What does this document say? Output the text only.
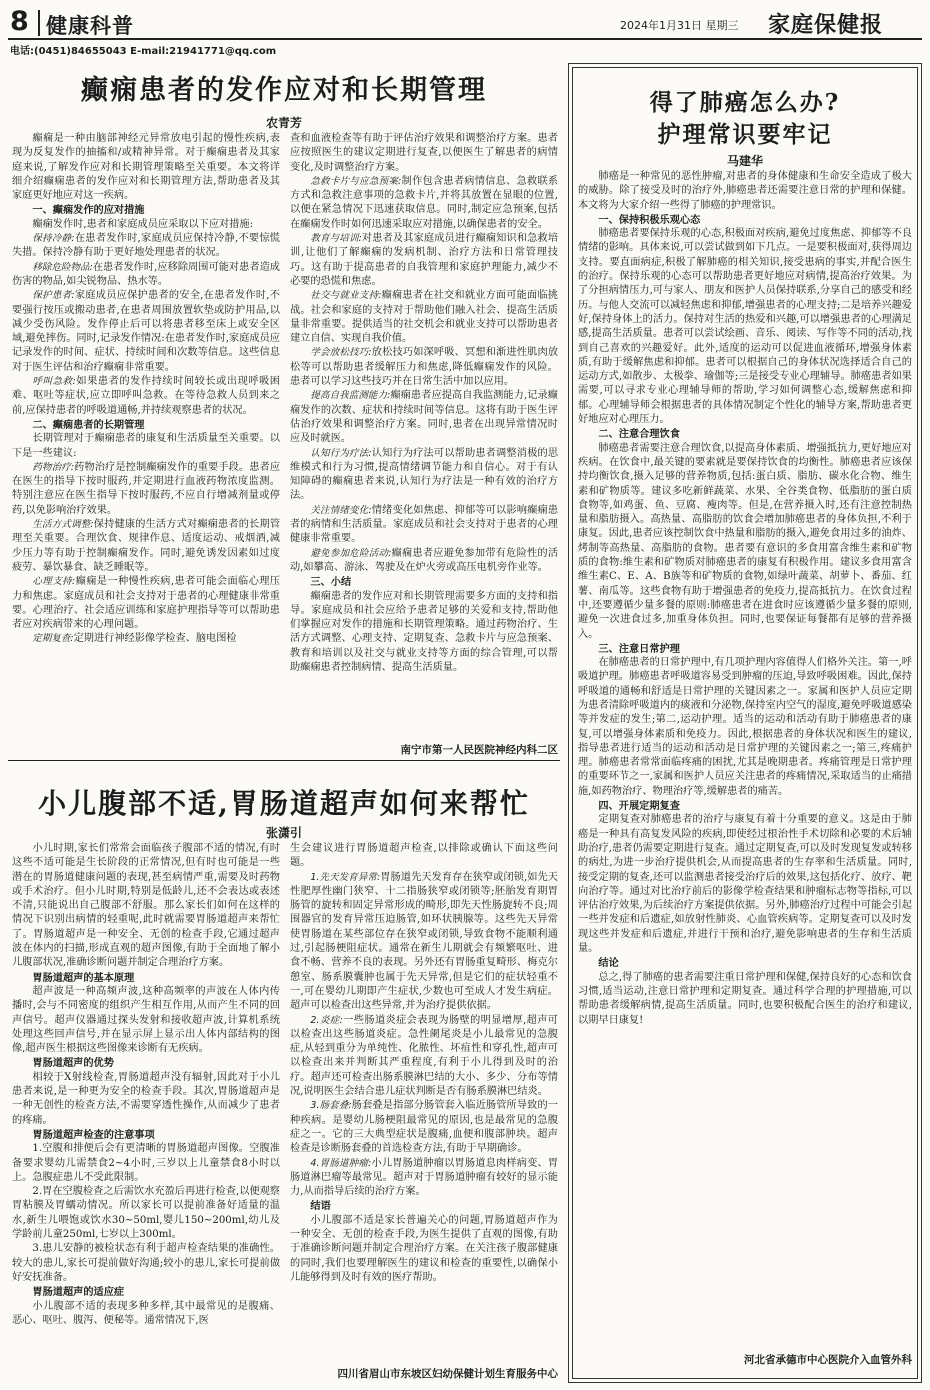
8 健康科普	2024年1月31日 星期三 家庭保健报
电话:(0451)84655043 E-mail:21941771@qq.com
癫痫患者的发作应对和长期管理
农青芳

癫痫是一种由脑部神经元异常放电引起的慢性疾病,表现为反复发作的抽搐和/或精神异常。对于癫痫患者及其家庭来说,了解发作应对和长期管理策略至关重要。本文将详细介绍癫痫患者的发作应对和长期管理方法,帮助患者及其家庭更好地应对这一疾病。

一、癫痫发作的应对措施

癫痫发作时,患者和家庭成员应采取以下应对措施:

保持冷静:在患者发作时,家庭成员应保持冷静,不要惊慌失措。保持冷静有助于更好地处理患者的状况。

移除危险物品:在患者发作时,应移除周围可能对患者造成伤害的物品,如尖锐物品、热水等。

保护患者:家庭成员应保护患者的安全,在患者发作时,不要强行按压或搬动患者,在患者周围放置软垫或防护用品,以减少受伤风险。发作停止后可以将患者移至床上或安全区域,避免摔伤。同时,记录发作情况:在患者发作时,家庭成员应记录发作的时间、症状、持续时间和次数等信息。这些信息对于医生评估和治疗癫痫非常重要。

呼叫急救:如果患者的发作持续时间较长或出现呼吸困难、呕吐等症状,应立即呼叫急救。在等待急救人员到来之前,应保持患者的呼吸道通畅,并持续观察患者的状况。

二、癫痫患者的长期管理

长期管理对于癫痫患者的康复和生活质量至关重要。以下是一些建议:

药物治疗:药物治疗是控制癫痫发作的重要手段。患者应在医生的指导下按时服药,并定期进行血液药物浓度监测。特别注意应在医生指导下按时服药,不应自行增减剂量或停药,以免影响治疗效果。

生活方式调整:保持健康的生活方式对癫痫患者的长期管理至关重要。合理饮食、规律作息、适度运动、戒烟酒,减少压力等有助于控制癫痫发作。同时,避免诱发因素如过度疲劳、暴饮暴食、缺乏睡眠等。

心理支持:癫痫是一种慢性疾病,患者可能会面临心理压力和焦虑。家庭成员和社会支持对于患者的心理健康非常重要。心理治疗、社会适应训练和家庭护理指导等可以帮助患者应对疾病带来的心理问题。

定期复查:定期进行神经影像学检查、脑电图检

查和血液检查等有助于评估治疗效果和调整治疗方案。患者应按照医生的建议定期进行复查,以便医生了解患者的病情变化,及时调整治疗方案。

急救卡片与应急预案:制作包含患者病情信息、急救联系方式和急救注意事项的急救卡片,并将其放置在显眼的位置,以便在紧急情况下迅速获取信息。同时,制定应急预案,包括在癫痫发作时如何迅速采取应对措施,以确保患者的安全。

教育与培训:对患者及其家庭成员进行癫痫知识和急救培训,让他们了解癫痫的发病机制、治疗方法和日常管理技巧。这有助于提高患者的自我管理和家庭护理能力,减少不必要的恐慌和焦虑。

社交与就业支持:癫痫患者在社交和就业方面可能面临挑战。社会和家庭的支持对于帮助他们融入社会、提高生活质量非常重要。提供适当的社交机会和就业支持可以帮助患者建立自信、实现自我价值。

学会放松技巧:放松技巧如深呼吸、冥想和渐进性肌肉放松等可以帮助患者缓解压力和焦虑,降低癫痫发作的风险。患者可以学习这些技巧并在日常生活中加以应用。

提高自我监测能力:癫痫患者应提高自我监测能力,记录癫痫发作的次数、症状和持续时间等信息。这将有助于医生评估治疗效果和调整治疗方案。同时,患者在出现异常情况时应及时就医。

认知行为疗法:认知行为疗法可以帮助患者调整消极的思维模式和行为习惯,提高情绪调节能力和自信心。对于有认知障碍的癫痫患者来说,认知行为疗法是一种有效的治疗方法。

关注情绪变化:情绪变化如焦虑、抑郁等可以影响癫痫患者的病情和生活质量。家庭成员和社会支持对于患者的心理健康非常重要。

避免参加危险活动:癫痫患者应避免参加带有危险性的活动,如攀高、游泳、驾驶及在炉火旁或高压电机旁作业等。

三、小结

癫痫患者的发作应对和长期管理需要多方面的支持和指导。家庭成员和社会应给予患者足够的关爱和支持,帮助他们掌握应对发作的措施和长期管理策略。通过药物治疗、生活方式调整、心理支持、定期复查、急救卡片与应急预案、教育和培训以及社交与就业支持等方面的综合管理,可以帮助癫痫患者控制病情、提高生活质量。

南宁市第一人民医院神经内科二区
小儿腹部不适,胃肠道超声如何来帮忙
张潇引

小儿时期,家长们常常会面临孩子腹部不适的情况,有时这些不适可能是生长阶段的正常情况,但有时也可能是一些潜在的胃肠道健康问题的表现,甚至病情严重,需要及时药物或手术治疗。但小儿时期,特别是低龄儿,还不会表达或表述不清,只能说出自己腹部不舒服。那么家长们如何在这样的情况下识别出病情的轻重呢,此时就需要胃肠道超声来帮忙了。胃肠道超声是一种安全、无创的检查手段,它通过超声波在体内的扫描,形成直观的超声图像,有助于全面地了解小儿腹部状况,准确诊断问题并制定合理治疗方案。

胃肠道超声的基本原理

超声波是一种高频声波,这种高频率的声波在人体内传播时,会与不同密度的组织产生相互作用,从而产生不同的回声信号。超声仪器通过探头发射和接收超声波,计算机系统处理这些回声信号,并在显示屏上显示出人体内部结构的图像,超声医生根据这些图像来诊断有无疾病。

胃肠道超声的优势

相较于X射线检查,胃肠道超声没有辐射,因此对于小儿患者来说,是一种更为安全的检查手段。其次,胃肠道超声是一种无创性的检查方法,不需要穿透性操作,从而减少了患者的疼痛。

胃肠道超声检查的注意事项

1.空腹和排便后会有更清晰的胃肠道超声图像。空腹准备要求婴幼儿需禁食2~4小时,三岁以上儿童禁食8小时以上。急腹症患儿不受此限制。

2.胃在空腹检查之后需饮水充盈后再进行检查,以便观察胃粘膜及胃蠕动情况。所以家长可以提前准备好适量的温水,新生儿喂饱或饮水30~50ml,婴儿150~200ml,幼儿及学龄前儿童250ml,七岁以上300ml。

3.患儿安静的被检状态有利于超声检查结果的准确性。较大的患儿,家长可提前做好沟通;较小的患儿,家长可提前做好安抚准备。

胃肠道超声的适应症

小儿腹部不适的表现多种多样,其中最常见的是腹痛、恶心、呕吐、腹泻、便秘等。通常情况下,医

生会建议进行胃肠道超声检查,以排除或确认下面这些问题。

1.先天发育异常:胃肠道先天发育存在狭窄或闭锁,如先天性肥厚性幽门狭窄、十二指肠狭窄或闭锁等;胚胎发育期胃肠管的旋转和固定异常形成的畸形,即先天性肠旋转不良;周围器官的发育异常压迫肠管,如环状胰腺等。这些先天异常使胃肠道在某些部位存在狭窄或闭锁,导致食物不能顺利通过,引起肠梗阻症状。通常在新生儿期就会有频繁呕吐、进食不畅、营养不良的表现。另外还有胃肠重复畸形、梅克尔憩室、肠系膜囊肿也属于先天异常,但是它们的症状轻重不一,可在婴幼儿期即产生症状,少数也可至成人才发生病症。超声可以检查出这些异常,并为治疗提供依据。

2.炎症:一些肠道炎症会表现为肠壁的明显增厚,超声可以检查出这些肠道炎症。急性阑尾炎是小儿最常见的急腹症,从轻到重分为单纯性、化脓性、坏疽性和穿孔性,超声可以检查出来并判断其严重程度,有利于小儿得到及时的治疗。超声还可检查出肠系膜淋巴结的大小、多少、分布等情况,说明医生会结合患儿症状判断是否有肠系膜淋巴结炎。

3.肠套叠:肠套叠是指部分肠管套入临近肠管所导致的一种疾病。是婴幼儿肠梗阻最常见的原因,也是最常见的急腹症之一。它的三大典型症状是腹痛,血便和腹部肿块。超声检查是诊断肠套叠的首选检查方法,有助于早期确诊。

4.胃肠道肿瘤:小儿胃肠道肿瘤以胃肠道息肉样病变、胃肠道淋巴瘤等最常见。超声对于胃肠道肿瘤有较好的显示能力,从而指导后续的治疗方案。

结语

小儿腹部不适是家长普遍关心的问题,胃肠道超声作为一种安全、无创的检查手段,为医生提供了直观的图像,有助于准确诊断问题并制定合理治疗方案。在关注孩子腹部健康的同时,我们也要理解医生的建议和检查的重要性,以确保小儿能够得到及时有效的医疗帮助。

四川省眉山市东坡区妇幼保健计划生育服务中心
得了肺癌怎么办?
护理常识要牢记
马建华

肺癌是一种常见的恶性肿瘤,对患者的身体健康和生命安全造成了极大的威胁。除了接受及时的治疗外,肺癌患者还需要注意日常的护理和保健。本文将为大家介绍一些得了肺癌的护理常识。

一、保持积极乐观心态

肺癌患者要保持乐观的心态,积极面对疾病,避免过度焦虑、抑郁等不良情绪的影响。具体来说,可以尝试做到如下几点。一是要积极面对,获得周边支持。要直面病症,积极了解肺癌的相关知识,接受患病的事实,并配合医生的治疗。保持乐观的心态可以帮助患者更好地应对病情,提高治疗效果。为了分担病情压力,可与家人、朋友和医护人员保持联系,分享自己的感受和经历。与他人交流可以减轻焦虑和抑郁,增强患者的心理支持;二是培养兴趣爱好,保持身体上的活力。保持对生活的热爱和兴趣,可以增强患者的心理满足感,提高生活质量。患者可以尝试绘画、音乐、阅读、写作等不同的活动,找到自己喜欢的兴趣爱好。此外,适度的运动可以促进血液循环,增强身体素质,有助于缓解焦虑和抑郁。患者可以根据自己的身体状况选择适合自己的运动方式,如散步、太极拳、瑜伽等;三是接受专业心理辅导。肺癌患者如果需要,可以寻求专业心理辅导师的帮助,学习如何调整心态,缓解焦虑和抑郁。心理辅导师会根据患者的具体情况制定个性化的辅导方案,帮助患者更好地应对心理压力。

二、注意合理饮食

肺癌患者需要注意合理饮食,以提高身体素质、增强抵抗力,更好地应对疾病。在饮食中,最关键的要素就是要保持饮食的均衡性。肺癌患者应该保持均衡饮食,摄入足够的营养物质,包括:蛋白质、脂肪、碳水化合物、维生素和矿物质等。建议多吃新鲜蔬菜、水果、全谷类食物、低脂肪的蛋白质食物等,如鸡蛋、鱼、豆腐、瘦肉等。但是,在营养摄入时,还有注意控制热量和脂肪摄入。高热量、高脂肪的饮食会增加肺癌患者的身体负担,不利于康复。因此,患者应该控制饮食中热量和脂肪的摄入,避免食用过多的油炸、烤制等高热量、高脂肪的食物。患者要有意识的多食用富含维生素和矿物质的食物:维生素和矿物质对肺癌患者的康复有积极作用。建议多食用富含维生素C、E、A、B族等和矿物质的食物,如绿叶蔬菜、胡萝卜、番茄、红薯、南瓜等。这些食物有助于增强患者的免疫力,提高抵抗力。在饮食过程中,还要遵循少量多餐的原则:肺癌患者在进食时应该遵循少量多餐的原则,避免一次进食过多,加重身体负担。同时,也要保证每餐都有足够的营养摄入。

三、注意日常护理

在肺癌患者的日常护理中,有几项护理内容值得人们格外关注。第一,呼吸道护理。肺癌患者呼吸道容易受到肿瘤的压迫,导致呼吸困难。因此,保持呼吸道的通畅和舒适是日常护理的关键因素之一。家属和医护人员应定期为患者清除呼吸道内的痰液和分泌物,保持室内空气的湿度,避免呼吸道感染等并发症的发生;第二,运动护理。适当的运动和活动有助于肺癌患者的康复,可以增强身体素质和免疫力。因此,根据患者的身体状况和医生的建议,指导患者进行适当的运动和活动是日常护理的关键因素之一;第三,疼痛护理。肺癌患者常常面临疼痛的困扰,尤其是晚期患者。疼痛管理是日常护理的重要环节之一,家属和医护人员应关注患者的疼痛情况,采取适当的止痛措施,如药物治疗、物理治疗等,缓解患者的痛苦。

四、开展定期复查

定期复查对肺癌患者的治疗与康复有着十分重要的意义。这是由于肺癌是一种具有高复发风险的疾病,即使经过根治性手术切除和必要的术后辅助治疗,患者仍需要定期进行复查。通过定期复查,可以及时发现复发或转移的病灶,为进一步治疗提供机会,从而提高患者的生存率和生活质量。同时,接受定期的复查,还可以监测患者接受治疗后的效果,这包括化疗、放疗、靶向治疗等。通过对比治疗前后的影像学检查结果和肿瘤标志物等指标,可以评估治疗效果,为后续治疗方案提供依据。另外,肺癌治疗过程中可能会引起一些并发症和后遗症,如放射性肺炎、心血管疾病等。定期复查可以及时发现这些并发症和后遗症,并进行干预和治疗,避免影响患者的生存和生活质量。

结论

总之,得了肺癌的患者需要注重日常护理和保健,保持良好的心态和饮食习惯,适当运动,注意日常护理和定期复查。通过科学合理的护理措施,可以帮助患者缓解病情,提高生活质量。同时,也要积极配合医生的治疗和建议,以期早日康复!

河北省承德市中心医院介入血管外科
